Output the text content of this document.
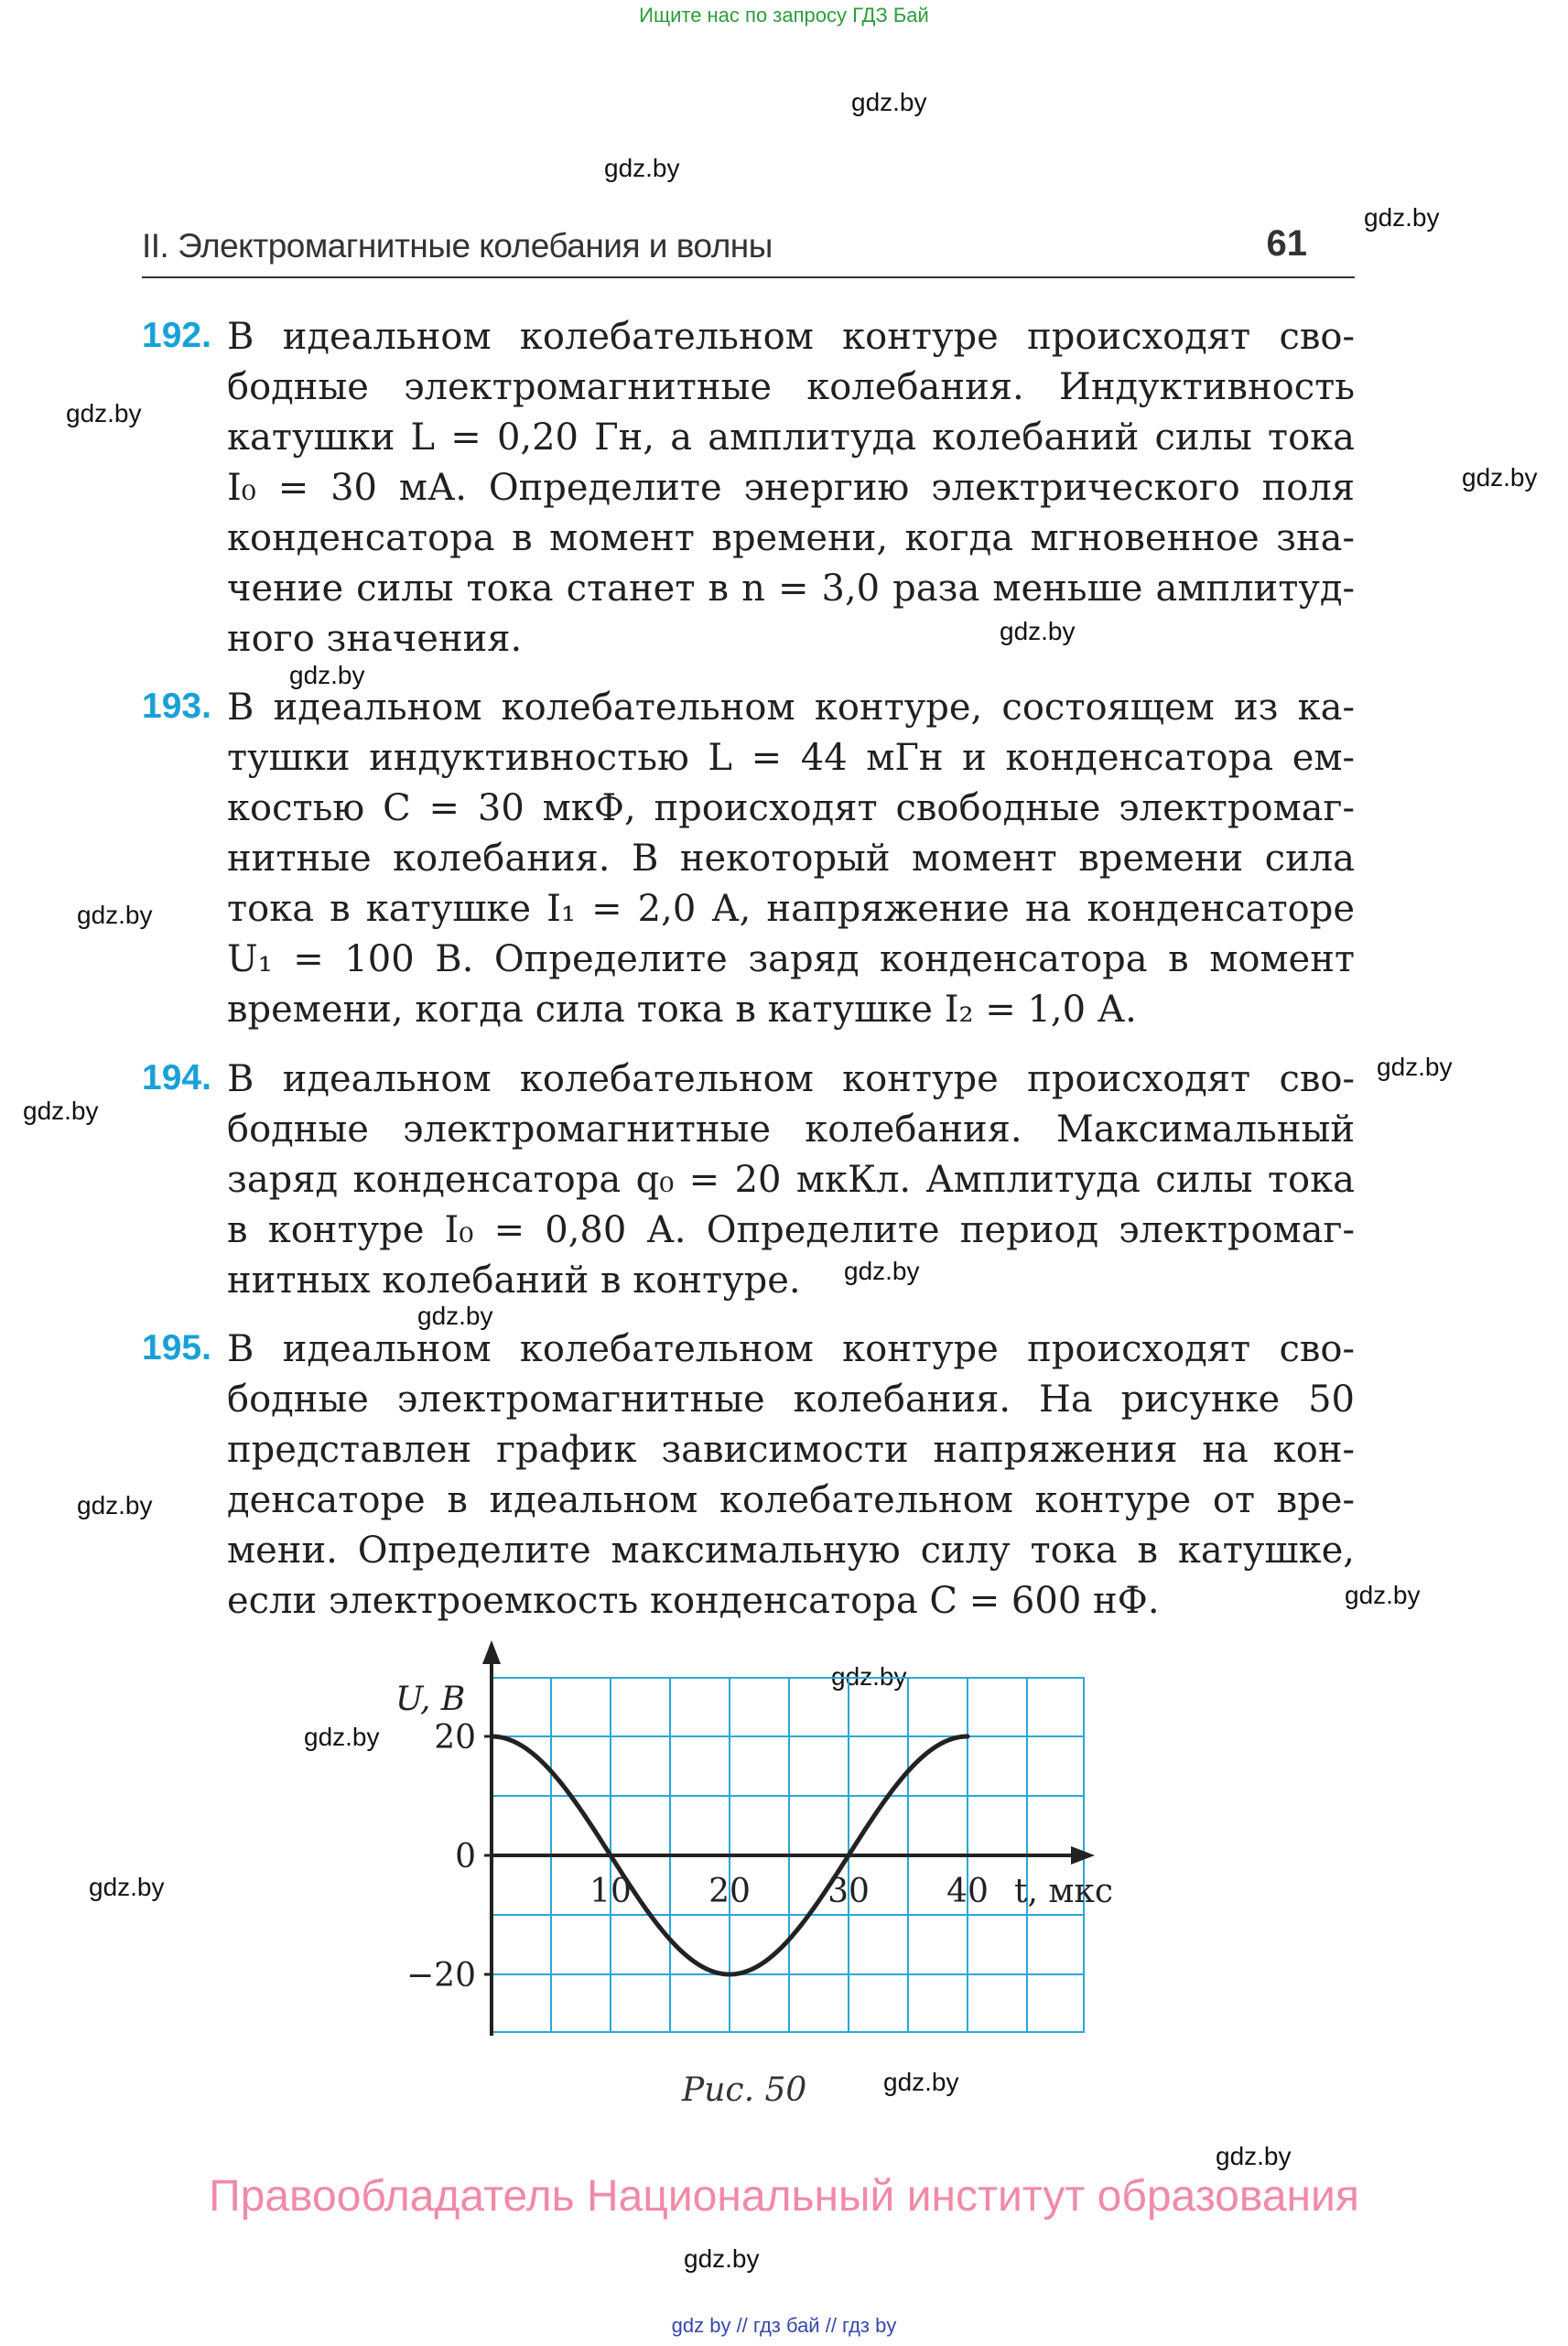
Ищите нас по запросу ГДЗ Бай
gdz.by
gdz.by
gdz.by
gdz.by
gdz.by
gdz.by
gdz.by
gdz.by
gdz.by
gdz.by
gdz.by
gdz.by
gdz.by
gdz.by
gdz.by
gdz.by
gdz.by
gdz.by
gdz.by
gdz.by
II. Электромагнитные колебания и волны	61
192. В идеальном колебательном контуре происходят сво-
бодные электромагнитные колебания. Индуктивность
катушки L = 0,20 Гн, а амплитуда колебаний силы тока
I₀ = 30 мА. Определите энергию электрического поля
конденсатора в момент времени, когда мгновенное зна-
чение силы тока станет в n = 3,0 раза меньше амплитуд-
ного значения.
193. В идеальном колебательном контуре, состоящем из ка-
тушки индуктивностью L = 44 мГн и конденсатора ем-
костью C = 30 мкФ, происходят свободные электромаг-
нитные колебания. В некоторый момент времени сила
тока в катушке I₁ = 2,0 А, напряжение на конденсаторе
U₁ = 100 В. Определите заряд конденсатора в момент
времени, когда сила тока в катушке I₂ = 1,0 А.
194. В идеальном колебательном контуре происходят сво-
бодные электромагнитные колебания. Максимальный
заряд конденсатора q₀ = 20 мкКл. Амплитуда силы тока
в контуре I₀ = 0,80 А. Определите период электромаг-
нитных колебаний в контуре.
195. В идеальном колебательном контуре происходят сво-
бодные электромагнитные колебания. На рисунке 50
представлен график зависимости напряжения на кон-
денсаторе в идеальном колебательном контуре от вре-
мени. Определите максимальную силу тока в катушке,
если электроемкость конденсатора C = 600 нФ.
U, В
20
0
−20
10 20 30 40 t, мкс
Рис. 50
Правообладатель Национальный институт образования
gdz by // гдз бай // гдз by
